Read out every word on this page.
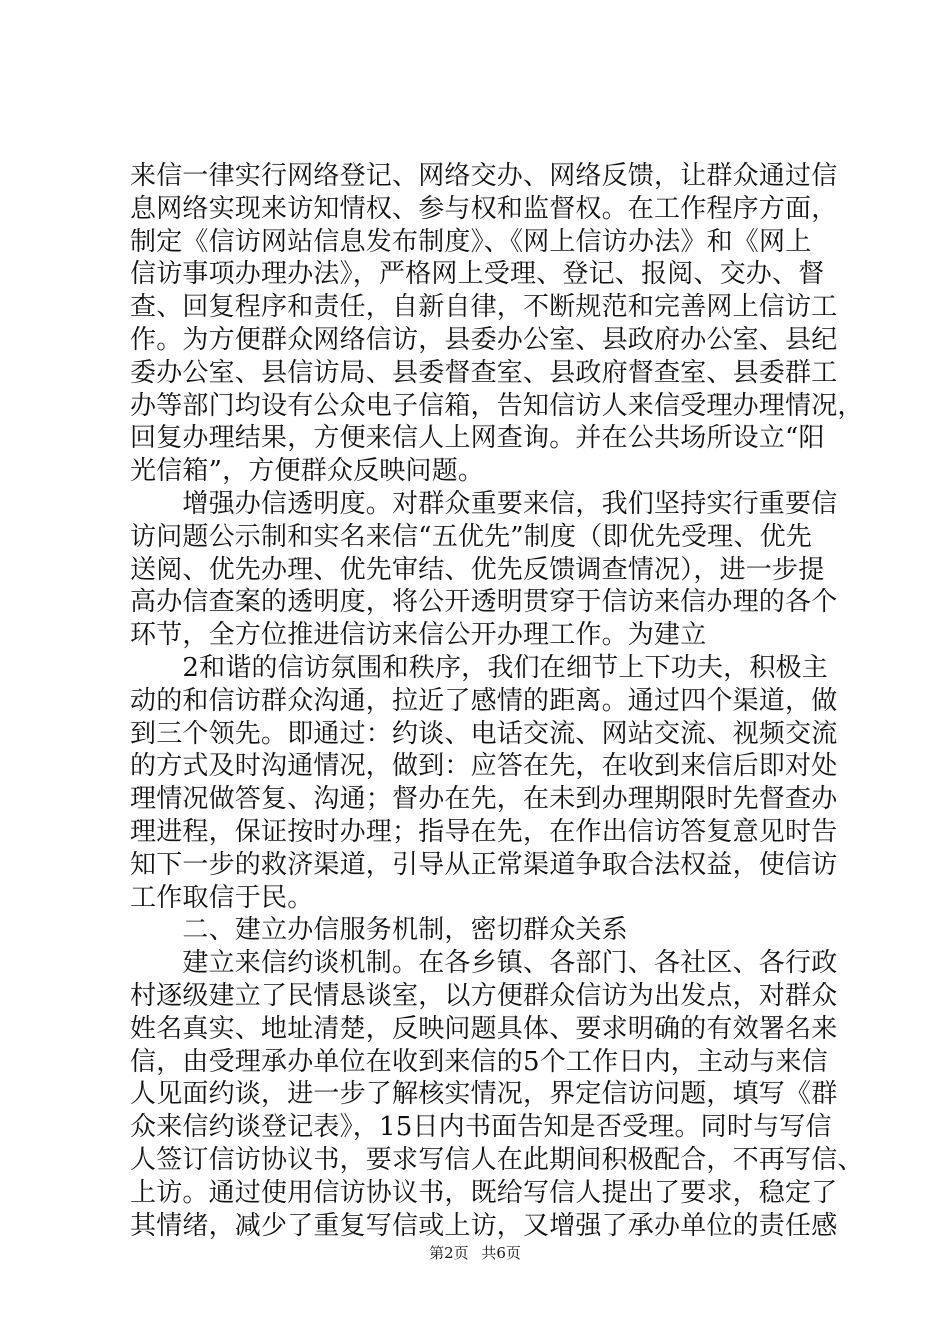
来信一律实行网络登记、网络交办、网络反馈，让群众通过信
息网络实现来访知情权、参与权和监督权。在工作程序方面，
制定《信访网站信息发布制度》、《网上信访办法》和《网上
信访事项办理办法》，严格网上受理、登记、报阅、交办、督
查、回复程序和责任，自新自律，不断规范和完善网上信访工
作。为方便群众网络信访，县委办公室、县政府办公室、县纪
委办公室、县信访局、县委督查室、县政府督查室、县委群工
办等部门均设有公众电子信箱，告知信访人来信受理办理情况，
回复办理结果，方便来信人上网查询。并在公共场所设立“阳
光信箱”，方便群众反映问题。
　　增强办信透明度。对群众重要来信，我们坚持实行重要信
访问题公示制和实名来信“五优先”制度（即优先受理、优先
送阅、优先办理、优先审结、优先反馈调查情况），进一步提
高办信查案的透明度，将公开透明贯穿于信访来信办理的各个
环节，全方位推进信访来信公开办理工作。为建立
　　2和谐的信访氛围和秩序，我们在细节上下功夫，积极主
动的和信访群众沟通，拉近了感情的距离。通过四个渠道，做
到三个领先。即通过：约谈、电话交流、网站交流、视频交流
的方式及时沟通情况，做到：应答在先，在收到来信后即对处
理情况做答复、沟通；督办在先，在未到办理期限时先督查办
理进程，保证按时办理；指导在先，在作出信访答复意见时告
知下一步的救济渠道，引导从正常渠道争取合法权益，使信访
工作取信于民。
　　二、建立办信服务机制，密切群众关系
　　建立来信约谈机制。在各乡镇、各部门、各社区、各行政
村逐级建立了民情恳谈室，以方便群众信访为出发点，对群众
姓名真实、地址清楚，反映问题具体、要求明确的有效署名来
信，由受理承办单位在收到来信的5个工作日内，主动与来信
人见面约谈，进一步了解核实情况，界定信访问题，填写《群
众来信约谈登记表》，15日内书面告知是否受理。同时与写信
人签订信访协议书，要求写信人在此期间积极配合，不再写信、
上访。通过使用信访协议书，既给写信人提出了要求，稳定了
其情绪，减少了重复写信或上访，又增强了承办单位的责任感
第2页 共6页
